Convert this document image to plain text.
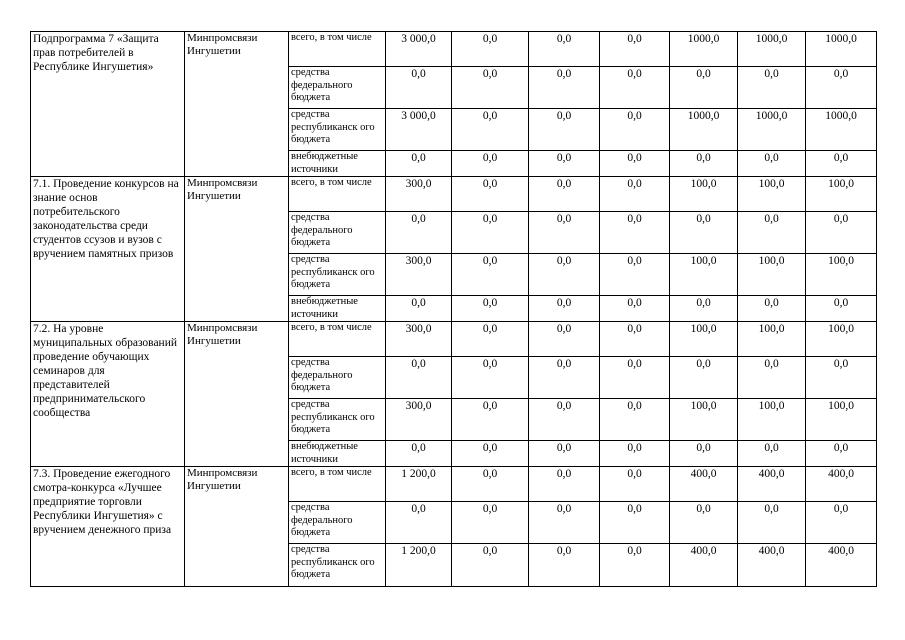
Подпрограмма 7 «Защита прав потребителей в Республике Ингушетия»	Минпромсвязи Ингушетии	всего, в том числе	3 000,0	0,0	0,0	0,0	1000,0	1000,0	1000,0
		средства федерального бюджета	0,0	0,0	0,0	0,0	0,0	0,0	0,0
		средства республиканск ого бюджета	3 000,0	0,0	0,0	0,0	1000,0	1000,0	1000,0
		внебюджетные источники	0,0	0,0	0,0	0,0	0,0	0,0	0,0
7.1. Проведение конкурсов на знание основ потребительского законодательства среди студентов ссузов и вузов с вручением памятных призов	Минпромсвязи Ингушетии	всего, в том числе	300,0	0,0	0,0	0,0	100,0	100,0	100,0
		средства федерального бюджета	0,0	0,0	0,0	0,0	0,0	0,0	0,0
		средства республиканск ого бюджета	300,0	0,0	0,0	0,0	100,0	100,0	100,0
		внебюджетные источники	0,0	0,0	0,0	0,0	0,0	0,0	0,0
7.2. На уровне муниципальных образований проведение обучающих семинаров для представителей предпринимательского сообщества	Минпромсвязи Ингушетии	всего, в том числе	300,0	0,0	0,0	0,0	100,0	100,0	100,0
		средства федерального бюджета	0,0	0,0	0,0	0,0	0,0	0,0	0,0
		средства республиканск ого бюджета	300,0	0,0	0,0	0,0	100,0	100,0	100,0
		внебюджетные источники	0,0	0,0	0,0	0,0	0,0	0,0	0,0
7.3. Проведение ежегодного смотра-конкурса «Лучшее предприятие торговли Республики Ингушетия» с вручением денежного приза	Минпромсвязи Ингушетии	всего, в том числе	1 200,0	0,0	0,0	0,0	400,0	400,0	400,0
		средства федерального бюджета	0,0	0,0	0,0	0,0	0,0	0,0	0,0
		средства республиканск ого бюджета	1 200,0	0,0	0,0	0,0	400,0	400,0	400,0
